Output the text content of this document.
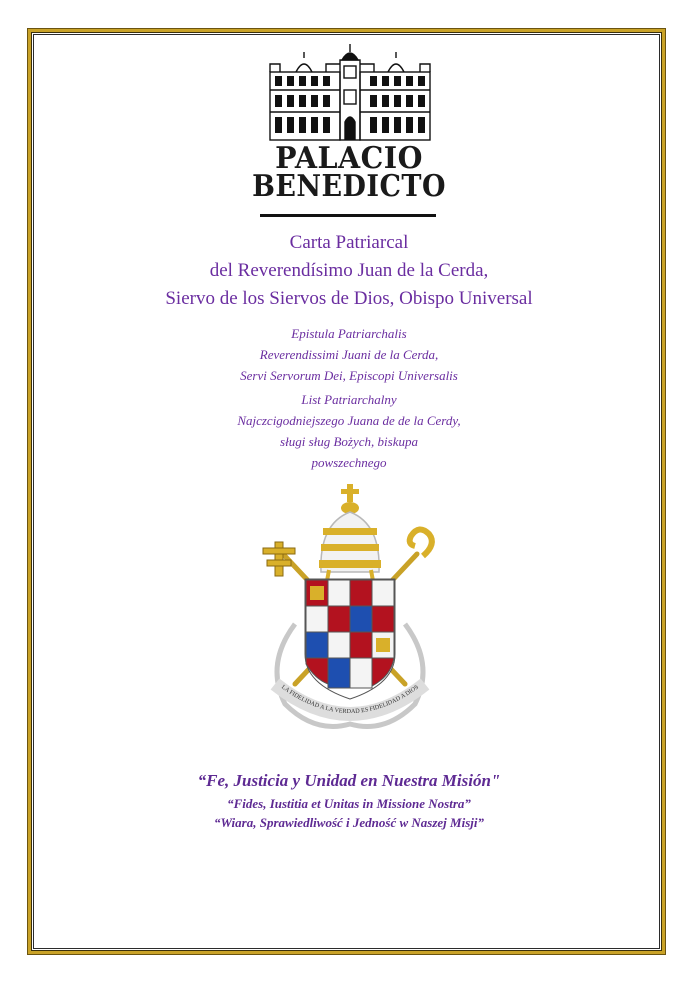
PALACIO
BENEDICTO
Carta Patriarcal
del Reverendísimo Juan de la Cerda,
Siervo de los Siervos de Dios, Obispo Universal
Epistula Patriarchalis
Reverendissimi Juani de la Cerda,
Servi Servorum Dei, Episcopi Universalis
List Patriarchalny
Najczcigodniejszego Juana de de la Cerdy,
sługi sług Bożych, biskupa
powszechnego
LA FIDELIDAD A LA VERDAD ES FIDELIDAD A DIOS
“Fe, Justicia y Unidad en Nuestra Misión"
“Fides, Iustitia et Unitas in Missione Nostra”
“Wiara, Sprawiedliwość i Jedność w Naszej Misji”
